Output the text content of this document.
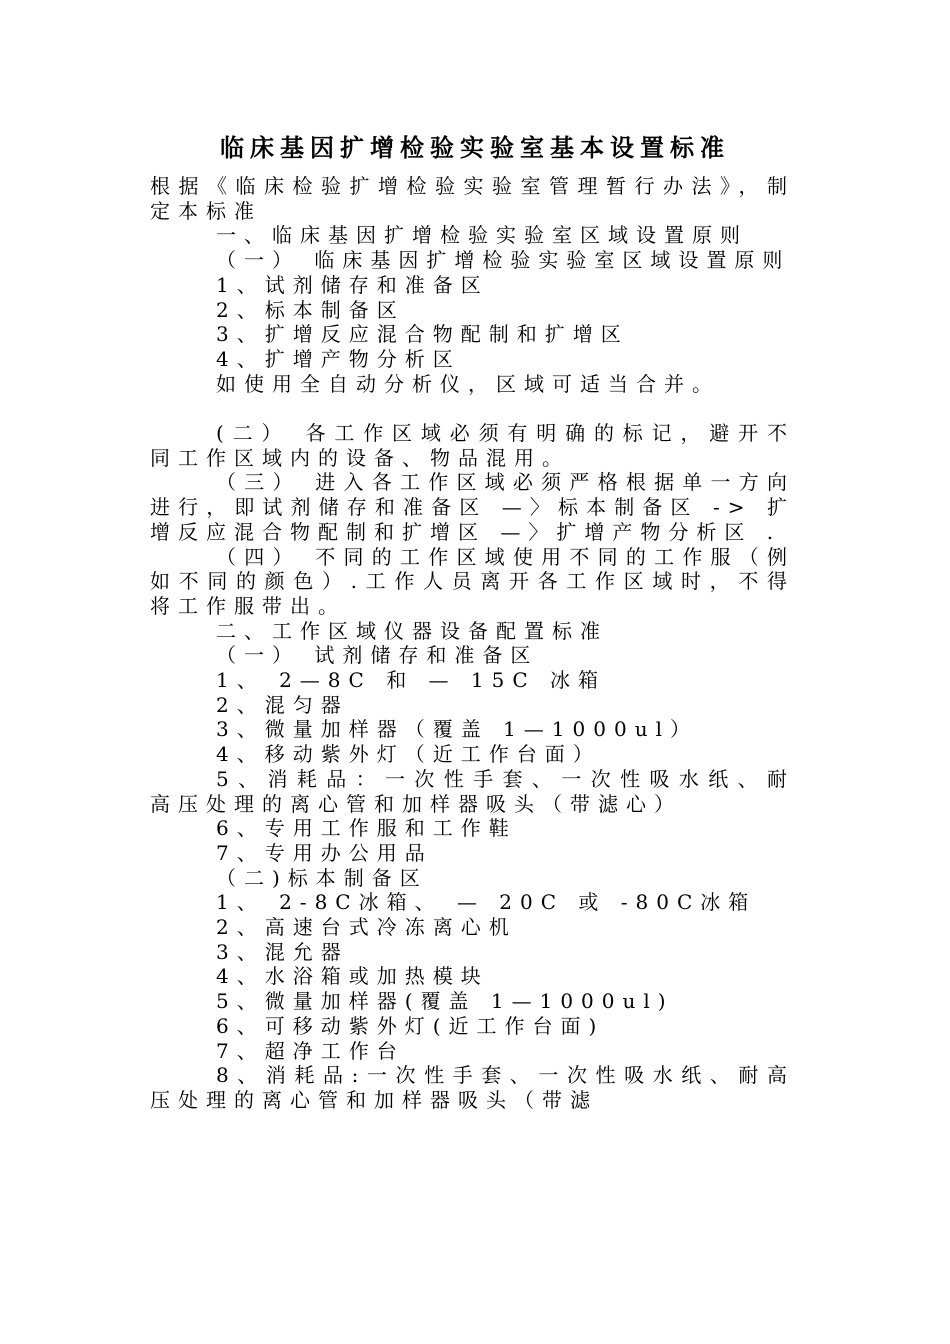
临床基因扩增检验实验室基本设置标准

根据《临床检验扩增检验实验室管理暂行办法》，制定本标准

一、临床基因扩增检验实验室区域设置原则

（一） 临床基因扩增检验实验室区域设置原则

1、试剂储存和准备区

2、标本制备区

3、扩增反应混合物配制和扩增区

4、扩增产物分析区

如使用全自动分析仪，区域可适当合并。

(二） 各工作区域必须有明确的标记，避开不同工作区域内的设备、物品混用。

（三） 进入各工作区域必须严格根据单一方向进行，即试剂储存和准备区 —〉标本制备区 -> 扩增反应混合物配制和扩增区 —〉扩增产物分析区 .

（四） 不同的工作区域使用不同的工作服（例如不同的颜色）.工作人员离开各工作区域时，不得将工作服带出。

二、工作区域仪器设备配置标准

（一） 试剂储存和准备区

1、 2—8C 和 — 15C 冰箱

2、混匀器

3、微量加样器（覆盖 1—1000ul）

4、移动紫外灯（近工作台面）

5、消耗品：一次性手套、一次性吸水纸、耐高压处理的离心管和加样器吸头（带滤心）

6、专用工作服和工作鞋

7、专用办公用品

（二)标本制备区

1、 2-8C冰箱、 — 20C 或 -80C冰箱

2、高速台式冷冻离心机

3、混允器

4、水浴箱或加热模块

5、微量加样器(覆盖 1—1000ul)

6、可移动紫外灯(近工作台面)

7、超净工作台

8、消耗品:一次性手套、一次性吸水纸、耐高压处理的离心管和加样器吸头（带滤
